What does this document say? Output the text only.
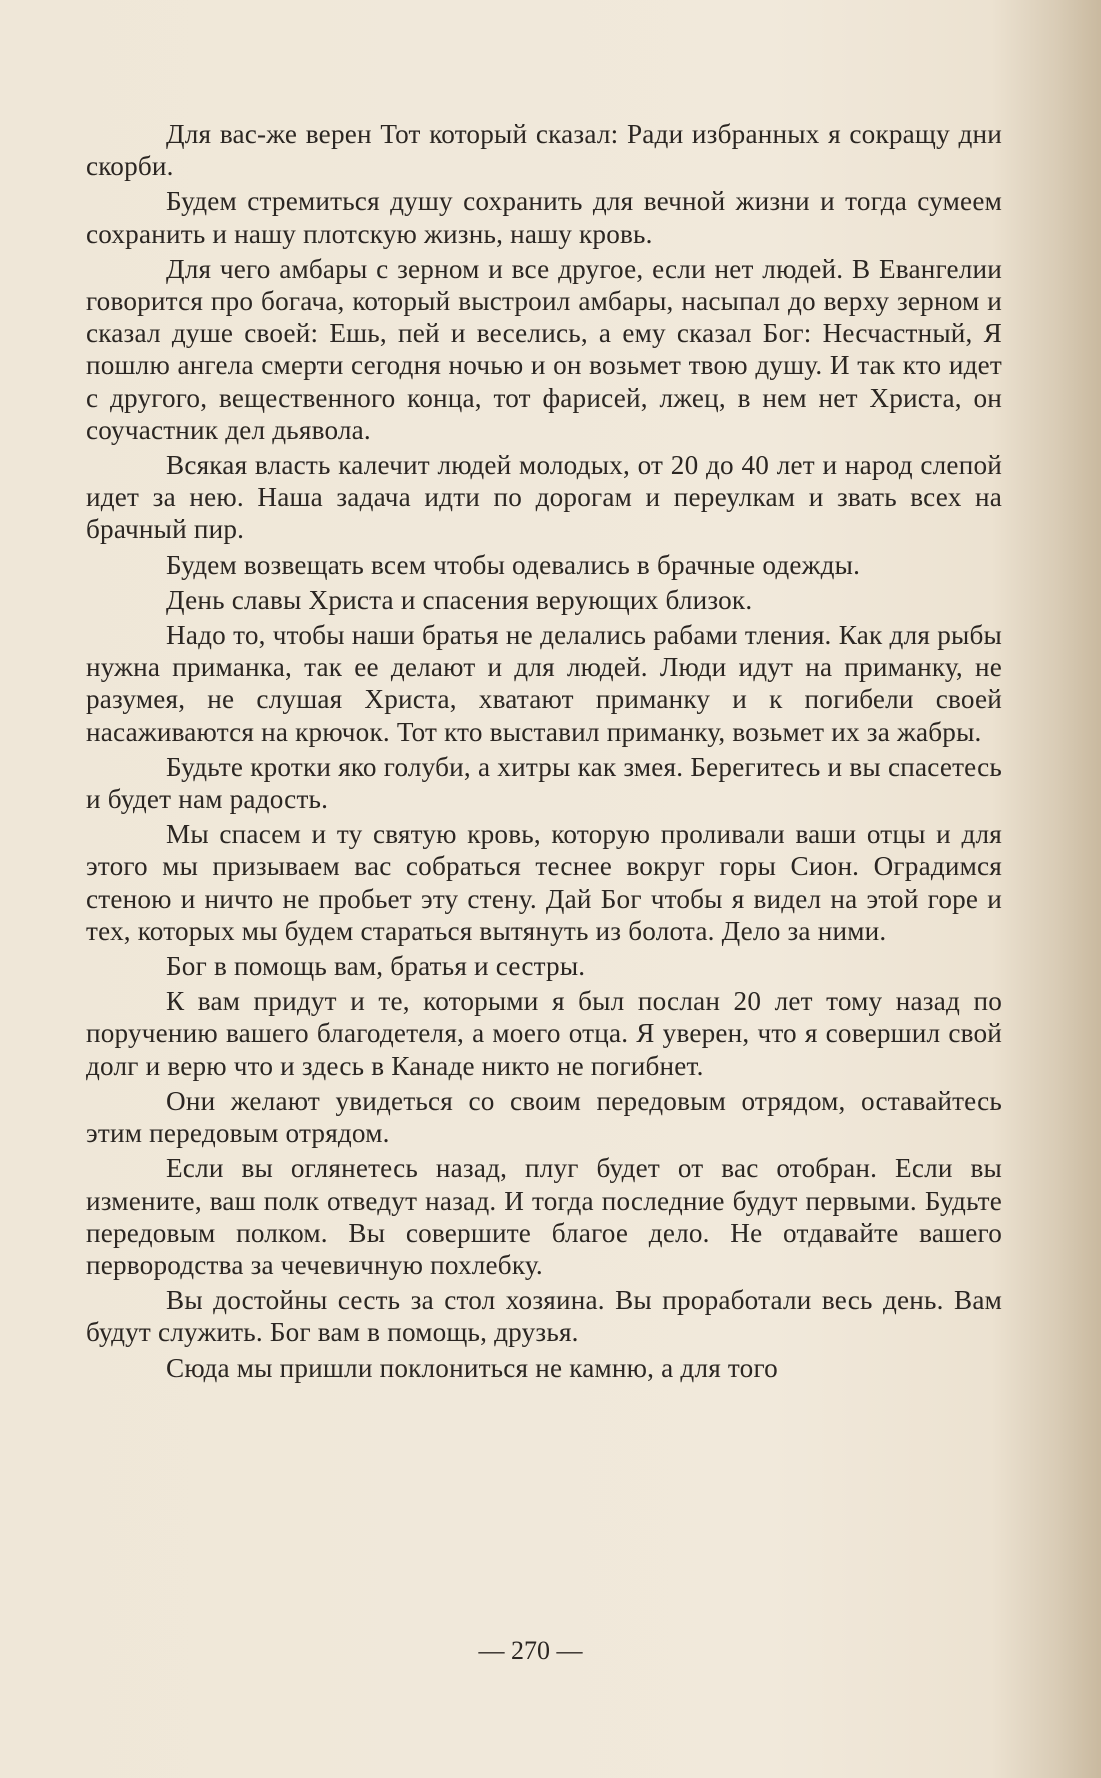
Для вас-же верен Тот который сказал: Ради избранных я сокращу дни скорби.

Будем стремиться душу сохранить для вечной жизни и тогда сумеем сохранить и нашу плотскую жизнь, нашу кровь.

Для чего амбары с зерном и все другое, если нет людей. В Евангелии говорится про богача, который выстроил амбары, насыпал до верху зерном и сказал душе своей: Ешь, пей и веселись, а ему сказал Бог: Несчастный, Я пошлю ангела смерти сегодня ночью и он возьмет твою душу. И так кто идет с другого, вещественного конца, тот фарисей, лжец, в нем нет Христа, он соучастник дел дьявола.

Всякая власть калечит людей молодых, от 20 до 40 лет и народ слепой идет за нею. Наша задача идти по дорогам и переулкам и звать всех на брачный пир.

Будем возвещать всем чтобы одевались в брачные одежды.

День славы Христа и спасения верующих близок.

Надо то, чтобы наши братья не делались рабами тления. Как для рыбы нужна приманка, так ее делают и для людей. Люди идут на приманку, не разумея, не слушая Христа, хватают приманку и к погибели своей насаживаются на крючок. Тот кто выставил приманку, возьмет их за жабры.

Будьте кротки яко голуби, а хитры как змея. Берегитесь и вы спасетесь и будет нам радость.

Мы спасем и ту святую кровь, которую проливали ваши отцы и для этого мы призываем вас собраться теснее вокруг горы Сион. Оградимся стеною и ничто не пробьет эту стену. Дай Бог чтобы я видел на этой горе и тех, которых мы будем стараться вытянуть из болота. Дело за ними.

Бог в помощь вам, братья и сестры.

К вам придут и те, которыми я был послан 20 лет тому назад по поручению вашего благодетеля, а моего отца. Я уверен, что я совершил свой долг и верю что и здесь в Канаде никто не погибнет.

Они желают увидеться со своим передовым отрядом, оставайтесь этим передовым отрядом.

Если вы оглянетесь назад, плуг будет от вас отобран. Если вы измените, ваш полк отведут назад. И тогда последние будут первыми. Будьте передовым полком. Вы совершите благое дело. Не отдавайте вашего первородства за чечевичную похлебку.

Вы достойны сесть за стол хозяина. Вы проработали весь день. Вам будут служить. Бог вам в помощь, друзья.

Сюда мы пришли поклониться не камню, а для того

— 270 —
